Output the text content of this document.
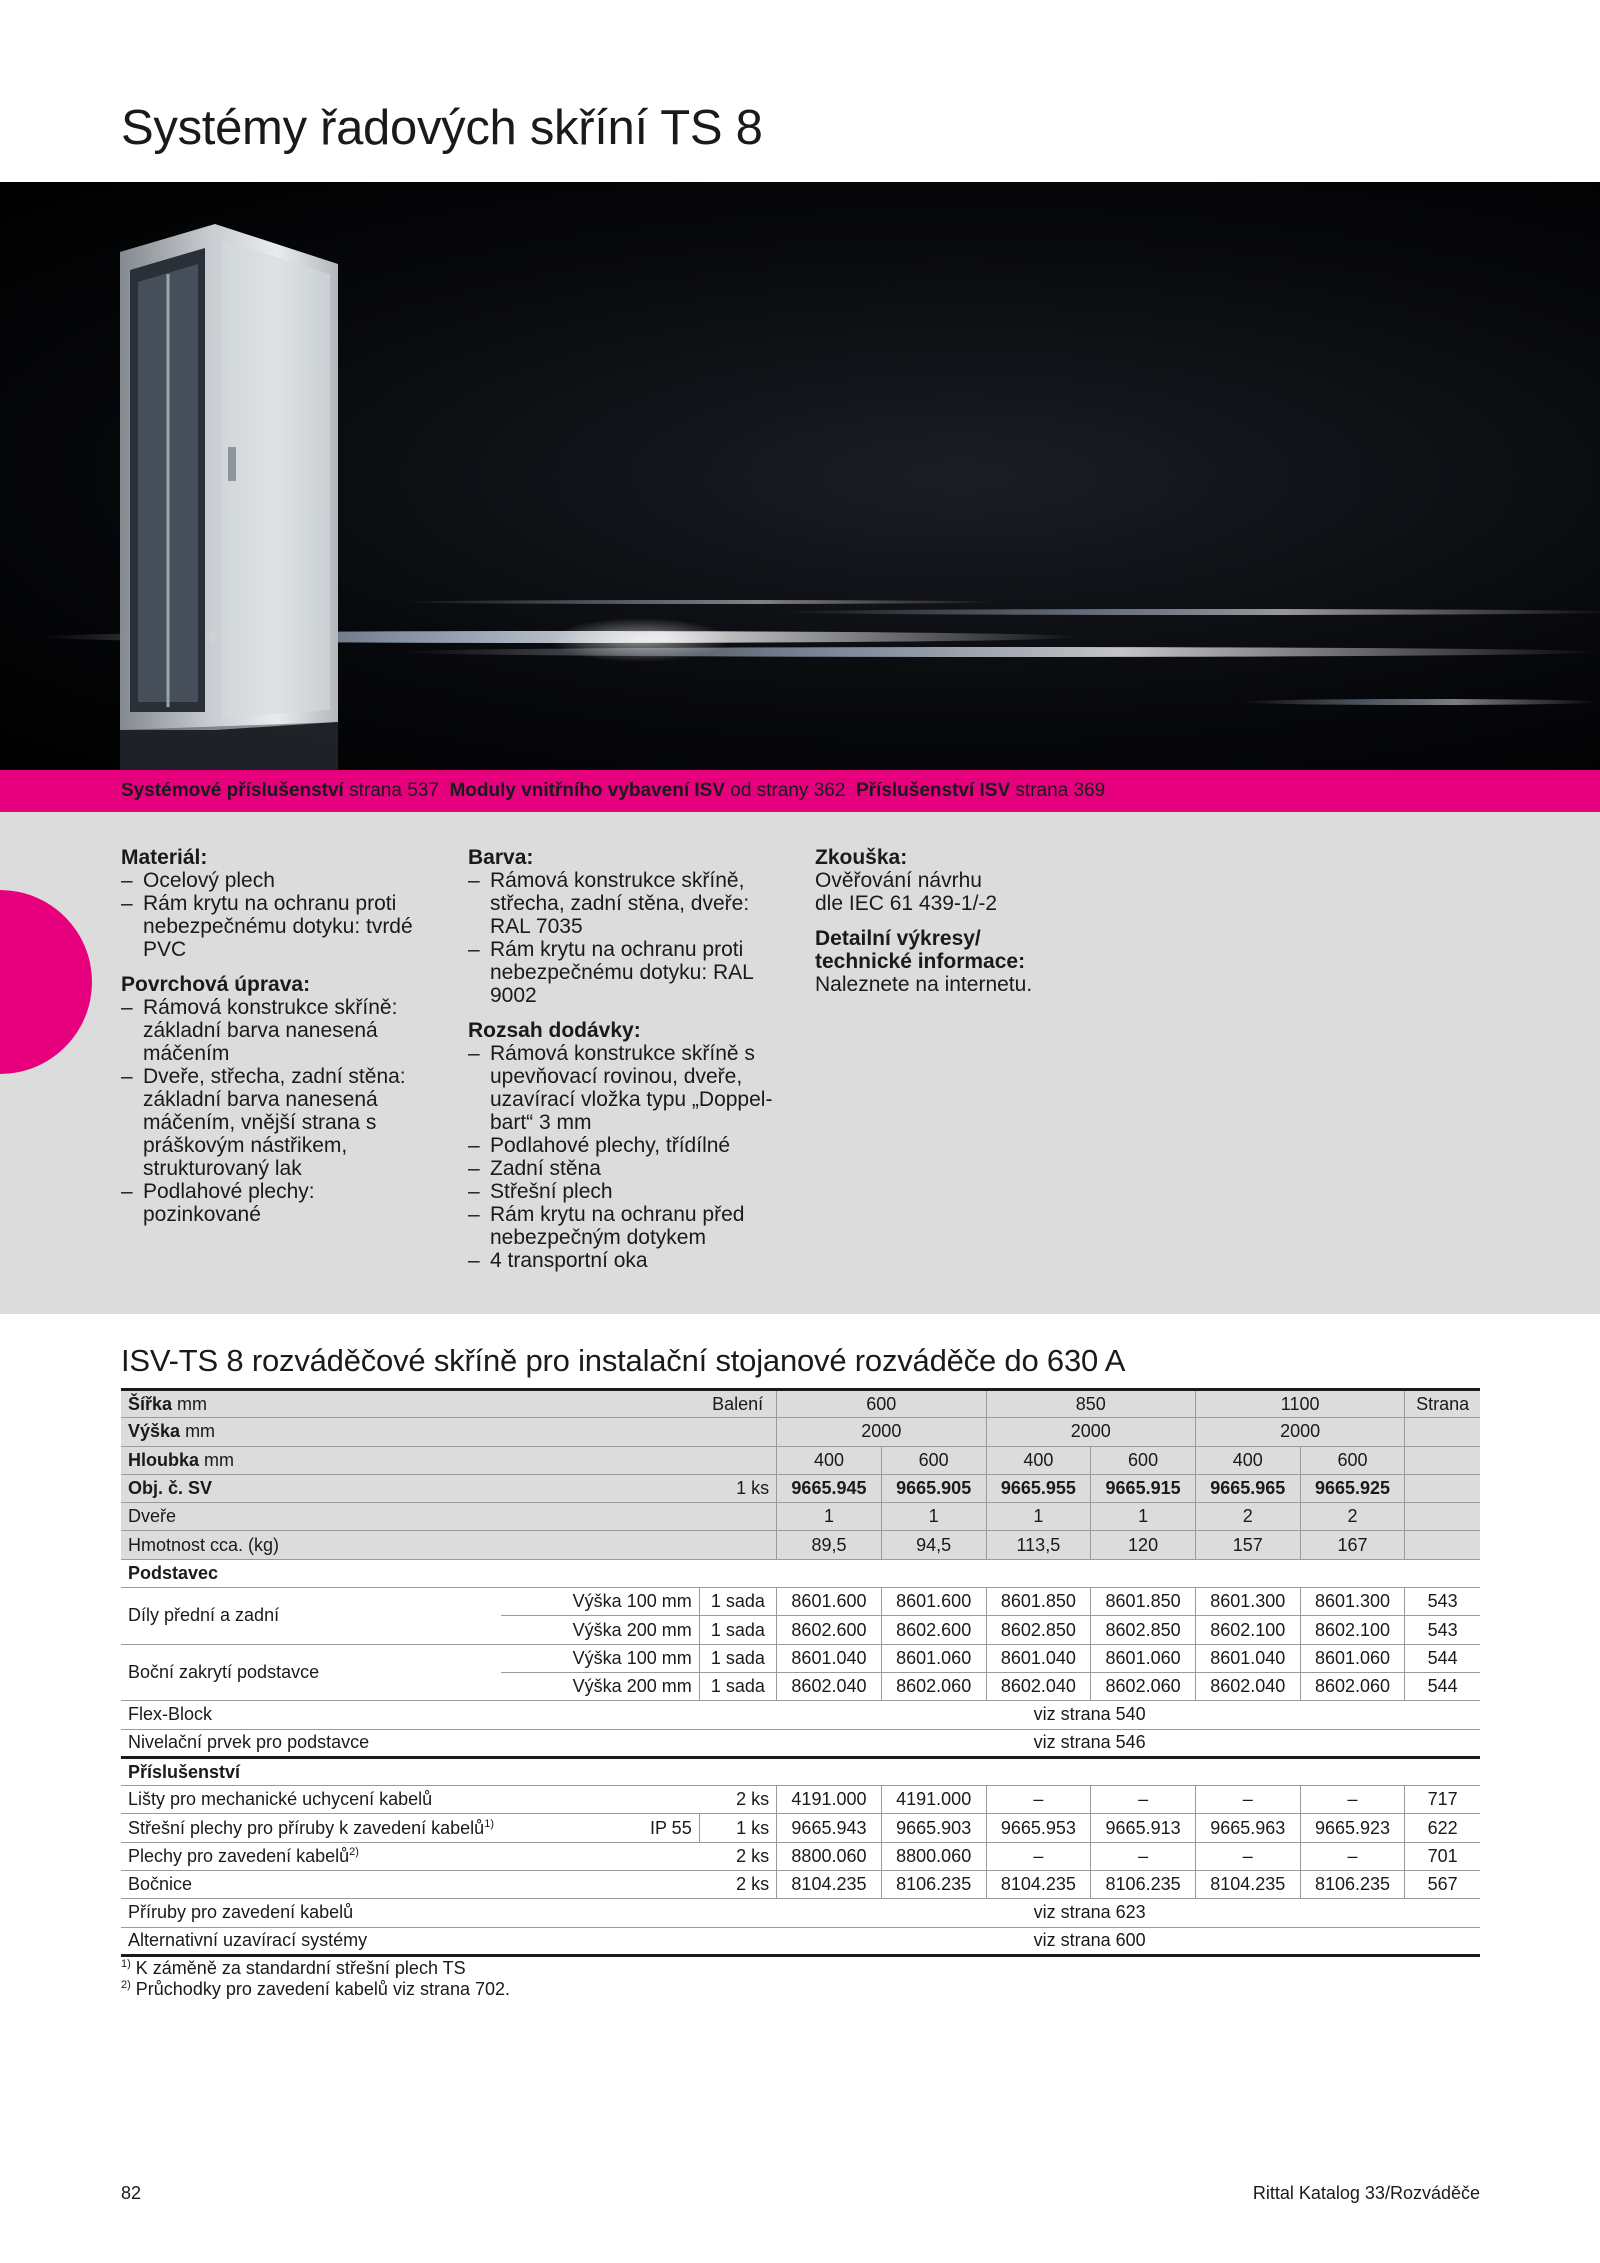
Systémy řadových skříní TS 8
Systémové příslušenství strana 537  Moduly vnitřního vybavení ISV od strany 362  Příslušenství ISV strana 369
Materiál:
– Ocelový plech
– Rám krytu na ochranu proti nebezpečnému dotyku: tvrdé PVC
Povrchová úprava:
– Rámová konstrukce skříně: základní barva nanesená máčením
– Dveře, střecha, zadní stěna: základní barva nanesená máčením, vnější strana s práškovým nástřikem, strukturovaný lak
– Podlahové plechy: pozinkované
Barva:
– Rámová konstrukce skříně, střecha, zadní stěna, dveře: RAL 7035
– Rám krytu na ochranu proti nebezpečnému dotyku: RAL 9002
Rozsah dodávky:
– Rámová konstrukce skříně s upevňovací rovinou, dveře, uzavírací vložka typu „Doppel-bart“ 3 mm
– Podlahové plechy, třídílné
– Zadní stěna
– Střešní plech
– Rám krytu na ochranu před nebezpečným dotykem
– 4 transportní oka
Zkouška:

Ověřování návrhu dle IEC 61 439-1/-2

Detailní výkresy/ technické informace:

Naleznete na internetu.

ISV-TS 8 rozváděčové skříně pro instalační stojanové rozváděče do 630 A
Šířka mm		Balení	600		850		1100		Strana
Výška mm			2000		2000		2000		
Hloubka mm			400	600	400	600	400	600	
Obj. č. SV		1 ks	9665.945	9665.905	9665.955	9665.915	9665.965	9665.925	
Dveře			1	1	1	1	2	2	
Hmotnost cca. (kg)			89,5	94,5	113,5	120	157	167	
Podstavec									
Díly přední a zadní	Výška 100 mm	1 sada	8601.600	8601.600	8601.850	8601.850	8601.300	8601.300	543
	Výška 200 mm	1 sada	8602.600	8602.600	8602.850	8602.850	8602.100	8602.100	543
Boční zakrytí podstavce	Výška 100 mm	1 sada	8601.040	8601.060	8601.040	8601.060	8601.040	8601.060	544
	Výška 200 mm	1 sada	8602.040	8602.060	8602.040	8602.060	8602.040	8602.060	544
Flex-Block		viz strana 540							
Nivelační prvek pro podstavce		viz strana 546							
Příslušenství									
Lišty pro mechanické uchycení kabelů		2 ks	4191.000	4191.000	–	–	–	–	717
Střešní plechy pro příruby k zavedení kabelů$^{1)}$	IP 55	1 ks	9665.943	9665.903	9665.953	9665.913	9665.963	9665.923	622
Plechy pro zavedení kabelů$^{2)}$		2 ks	8800.060	8800.060	–	–	–	–	701
Bočnice		2 ks	8104.235	8106.235	8104.235	8106.235	8104.235	8106.235	567
Příruby pro zavedení kabelů		viz strana 623							
Alternativní uzavírací systémy		viz strana 600							
$^{1)}$ K záměně za standardní střešní plech TS
$^{2)}$ Průchodky pro zavedení kabelů viz strana 702.
82	Rittal Katalog 33/Rozváděče
